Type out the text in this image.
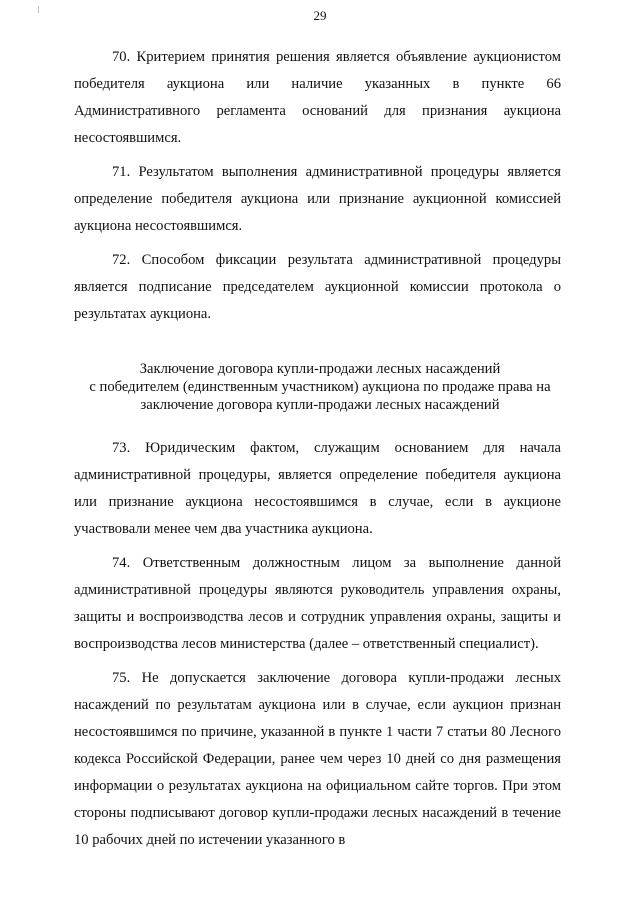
29

70. Критерием принятия решения является объявление аукционистом победителя аукциона или наличие указанных в пункте 66 Административного регламента оснований для признания аукциона несостоявшимся.

71. Результатом выполнения административной процедуры является определение победителя аукциона или признание аукционной комиссией аукциона несостоявшимся.

72. Способом фиксации результата административной процедуры является подписание председателем аукционной комиссии протокола о результатах аукциона.

Заключение договора купли-продажи лесных насаждений
с победителем (единственным участником) аукциона по продаже права на
заключение договора купли-продажи лесных насаждений

73. Юридическим фактом, служащим основанием для начала административной процедуры, является определение победителя аукциона или признание аукциона несостоявшимся в случае, если в аукционе участвовали менее чем два участника аукциона.

74. Ответственным должностным лицом за выполнение данной административной процедуры являются руководитель управления охраны, защиты и воспроизводства лесов и сотрудник управления охраны, защиты и воспроизводства лесов министерства (далее – ответственный специалист).

75. Не допускается заключение договора купли-продажи лесных насаждений по результатам аукциона или в случае, если аукцион признан несостоявшимся по причине, указанной в пункте 1 части 7 статьи 80 Лесного кодекса Российской Федерации, ранее чем через 10 дней со дня размещения информации о результатах аукциона на официальном сайте торгов. При этом стороны подписывают договор купли-продажи лесных насаждений в течение 10 рабочих дней по истечении указанного в
